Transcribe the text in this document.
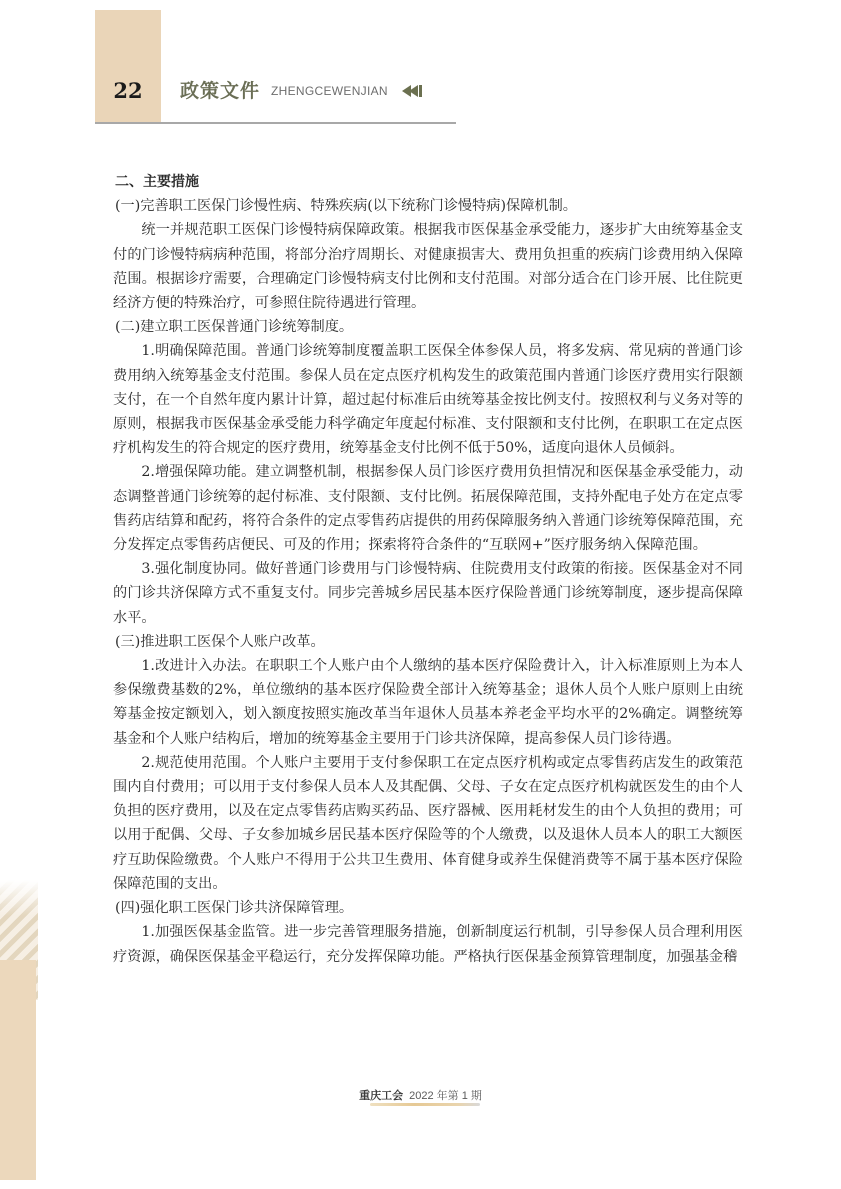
22	政策文件 ZHENGCEWENJIAN

二、主要措施

(一)完善职工医保门诊慢性病、特殊疾病(以下统称门诊慢特病)保障机制。

统一并规范职工医保门诊慢特病保障政策。根据我市医保基金承受能力，逐步扩大由统筹基金支付的门诊慢特病病种范围，将部分治疗周期长、对健康损害大、费用负担重的疾病门诊费用纳入保障范围。根据诊疗需要，合理确定门诊慢特病支付比例和支付范围。对部分适合在门诊开展、比住院更经济方便的特殊治疗，可参照住院待遇进行管理。

(二)建立职工医保普通门诊统筹制度。

1.明确保障范围。普通门诊统筹制度覆盖职工医保全体参保人员，将多发病、常见病的普通门诊费用纳入统筹基金支付范围。参保人员在定点医疗机构发生的政策范围内普通门诊医疗费用实行限额支付，在一个自然年度内累计计算，超过起付标准后由统筹基金按比例支付。按照权利与义务对等的原则，根据我市医保基金承受能力科学确定年度起付标准、支付限额和支付比例，在职职工在定点医疗机构发生的符合规定的医疗费用，统筹基金支付比例不低于50%，适度向退休人员倾斜。

2.增强保障功能。建立调整机制，根据参保人员门诊医疗费用负担情况和医保基金承受能力，动态调整普通门诊统筹的起付标准、支付限额、支付比例。拓展保障范围，支持外配电子处方在定点零售药店结算和配药，将符合条件的定点零售药店提供的用药保障服务纳入普通门诊统筹保障范围，充分发挥定点零售药店便民、可及的作用；探索将符合条件的“互联网+”医疗服务纳入保障范围。

3.强化制度协同。做好普通门诊费用与门诊慢特病、住院费用支付政策的衔接。医保基金对不同的门诊共济保障方式不重复支付。同步完善城乡居民基本医疗保险普通门诊统筹制度，逐步提高保障水平。

(三)推进职工医保个人账户改革。

1.改进计入办法。在职职工个人账户由个人缴纳的基本医疗保险费计入，计入标准原则上为本人参保缴费基数的2%，单位缴纳的基本医疗保险费全部计入统筹基金；退休人员个人账户原则上由统筹基金按定额划入，划入额度按照实施改革当年退休人员基本养老金平均水平的2%确定。调整统筹基金和个人账户结构后，增加的统筹基金主要用于门诊共济保障，提高参保人员门诊待遇。

2.规范使用范围。个人账户主要用于支付参保职工在定点医疗机构或定点零售药店发生的政策范围内自付费用；可以用于支付参保人员本人及其配偶、父母、子女在定点医疗机构就医发生的由个人负担的医疗费用，以及在定点零售药店购买药品、医疗器械、医用耗材发生的由个人负担的费用；可以用于配偶、父母、子女参加城乡居民基本医疗保险等的个人缴费，以及退休人员本人的职工大额医疗互助保险缴费。个人账户不得用于公共卫生费用、体育健身或养生保健消费等不属于基本医疗保险保障范围的支出。

(四)强化职工医保门诊共济保障管理。

1.加强医保基金监管。进一步完善管理服务措施，创新制度运行机制，引导参保人员合理利用医疗资源，确保医保基金平稳运行，充分发挥保障功能。严格执行医保基金预算管理制度，加强基金稽

重庆工会 2022 年第 1 期
